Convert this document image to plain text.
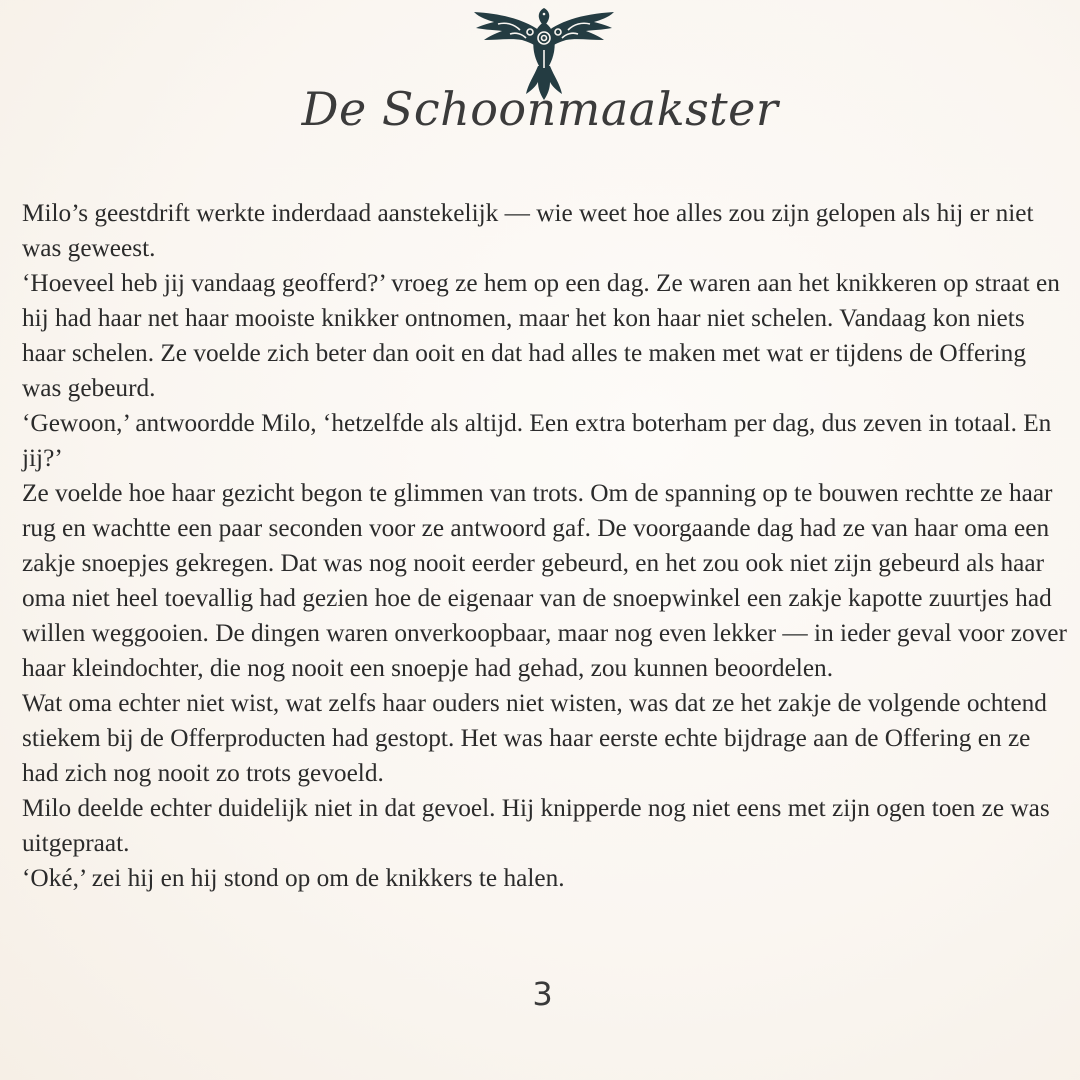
De Schoonmaakster

Milo’s geestdrift werkte inderdaad aanstekelijk — wie weet hoe alles zou zijn gelopen als hij er niet was geweest.

‘Hoeveel heb jij vandaag geofferd?’ vroeg ze hem op een dag. Ze waren aan het knikkeren op straat en hij had haar net haar mooiste knikker ontnomen, maar het kon haar niet schelen. Vandaag kon niets haar schelen. Ze voelde zich beter dan ooit en dat had alles te maken met wat er tijdens de Offering was gebeurd.

‘Gewoon,’ antwoordde Milo, ‘hetzelfde als altijd. Een extra boterham per dag, dus zeven in totaal. En jij?’

Ze voelde hoe haar gezicht begon te glimmen van trots. Om de spanning op te bouwen rechtte ze haar rug en wachtte een paar seconden voor ze antwoord gaf. De voorgaande dag had ze van haar oma een zakje snoepjes gekregen. Dat was nog nooit eerder gebeurd, en het zou ook niet zijn gebeurd als haar oma niet heel toevallig had gezien hoe de eigenaar van de snoepwinkel een zakje kapotte zuurtjes had willen weggooien. De dingen waren onverkoopbaar, maar nog even lekker — in ieder geval voor zover haar kleindochter, die nog nooit een snoepje had gehad, zou kunnen beoordelen.

Wat oma echter niet wist, wat zelfs haar ouders niet wisten, was dat ze het zakje de volgende ochtend stiekem bij de Offerproducten had gestopt. Het was haar eerste echte bijdrage aan de Offering en ze had zich nog nooit zo trots gevoeld.

Milo deelde echter duidelijk niet in dat gevoel. Hij knipperde nog niet eens met zijn ogen toen ze was uitgepraat.

‘Oké,’ zei hij en hij stond op om de knikkers te halen.

3
